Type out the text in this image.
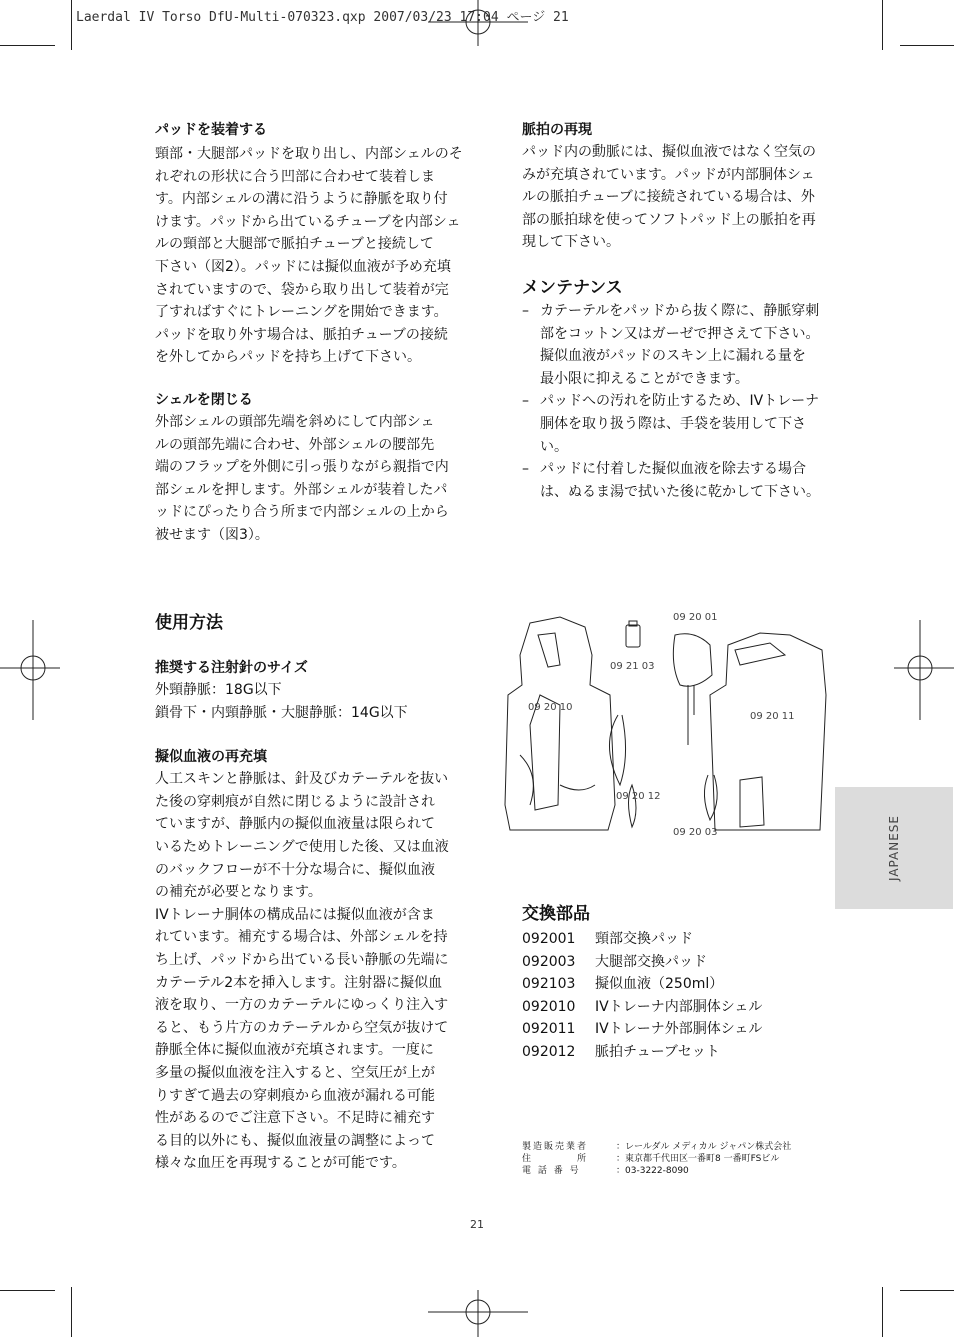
Laerdal IV Torso DfU-Multi-070323.qxp 2007/03/23 17:04 ページ 21
パッドを装着する
頸部・大腿部パッドを取り出し、内部シェルのそ
れぞれの形状に合う凹部に合わせて装着しま
す。内部シェルの溝に沿うように静脈を取り付
けます。パッドから出ているチューブを内部シェ
ルの頸部と大腿部で脈拍チューブと接続して
下さい（図2）。パッドには擬似血液が予め充填
されていますので、袋から取り出して装着が完
了すればすぐにトレーニングを開始できます。
パッドを取り外す場合は、脈拍チューブの接続
を外してからパッドを持ち上げて下さい。
シェルを閉じる
外部シェルの頭部先端を斜めにして内部シェ
ルの頭部先端に合わせ、外部シェルの腰部先
端のフラップを外側に引っ張りながら親指で内
部シェルを押します。外部シェルが装着したパ
ッドにぴったり合う所まで内部シェルの上から
被せます（図3）。
使用方法
推奨する注射針のサイズ
外頸静脈：18G以下
鎖骨下・内頸静脈・大腿静脈：14G以下
擬似血液の再充填
人工スキンと静脈は、針及びカテーテルを抜い
た後の穿刺痕が自然に閉じるように設計され
ていますが、静脈内の擬似血液量は限られて
いるためトレーニングで使用した後、又は血液
のバックフローが不十分な場合に、擬似血液
の補充が必要となります。
IVトレーナ胴体の構成品には擬似血液が含ま
れています。補充する場合は、外部シェルを持
ち上げ、パッドから出ている長い静脈の先端に
カテーテル2本を挿入します。注射器に擬似血
液を取り、一方のカテーテルにゆっくり注入す
ると、もう片方のカテーテルから空気が抜けて
静脈全体に擬似血液が充填されます。一度に
多量の擬似血液を注入すると、空気圧が上が
りすぎて過去の穿刺痕から血液が漏れる可能
性があるのでご注意下さい。不足時に補充す
る目的以外にも、擬似血液量の調整によって
様々な血圧を再現することが可能です。
脈拍の再現
パッド内の動脈には、擬似血液ではなく空気の
みが充填されています。パッドが内部胴体シェ
ルの脈拍チューブに接続されている場合は、外
部の脈拍球を使ってソフトパッド上の脈拍を再
現して下さい。
メンテナンス
– カテーテルをパッドから抜く際に、静脈穿刺
部をコットン又はガーゼで押さえて下さい。
擬似血液がパッドのスキン上に漏れる量を
最小限に抑えることができます。
– パッドへの汚れを防止するため、IVトレーナ
胴体を取り扱う際は、手袋を装用して下さ
い。
– パッドに付着した擬似血液を除去する場合
は、ぬるま湯で拭いた後に乾かして下さい。
09 20 01
09 21 03
09 20 10
09 20 11
09 20 12
09 20 03	JAPANESE
交換部品
092001	頸部交換パッド
092003	大腿部交換パッド
092103	擬似血液（250ml）
092010	IVトレーナ内部胴体シェル
092011	IVトレーナ外部胴体シェル
092012	脈拍チューブセット
製造販売業者	： レールダル メディカル ジャパン株式会社
住　　　　所	： 東京都千代田区一番町8 一番町FSビル
電 話 番 号	： 03-3222-8090
21
